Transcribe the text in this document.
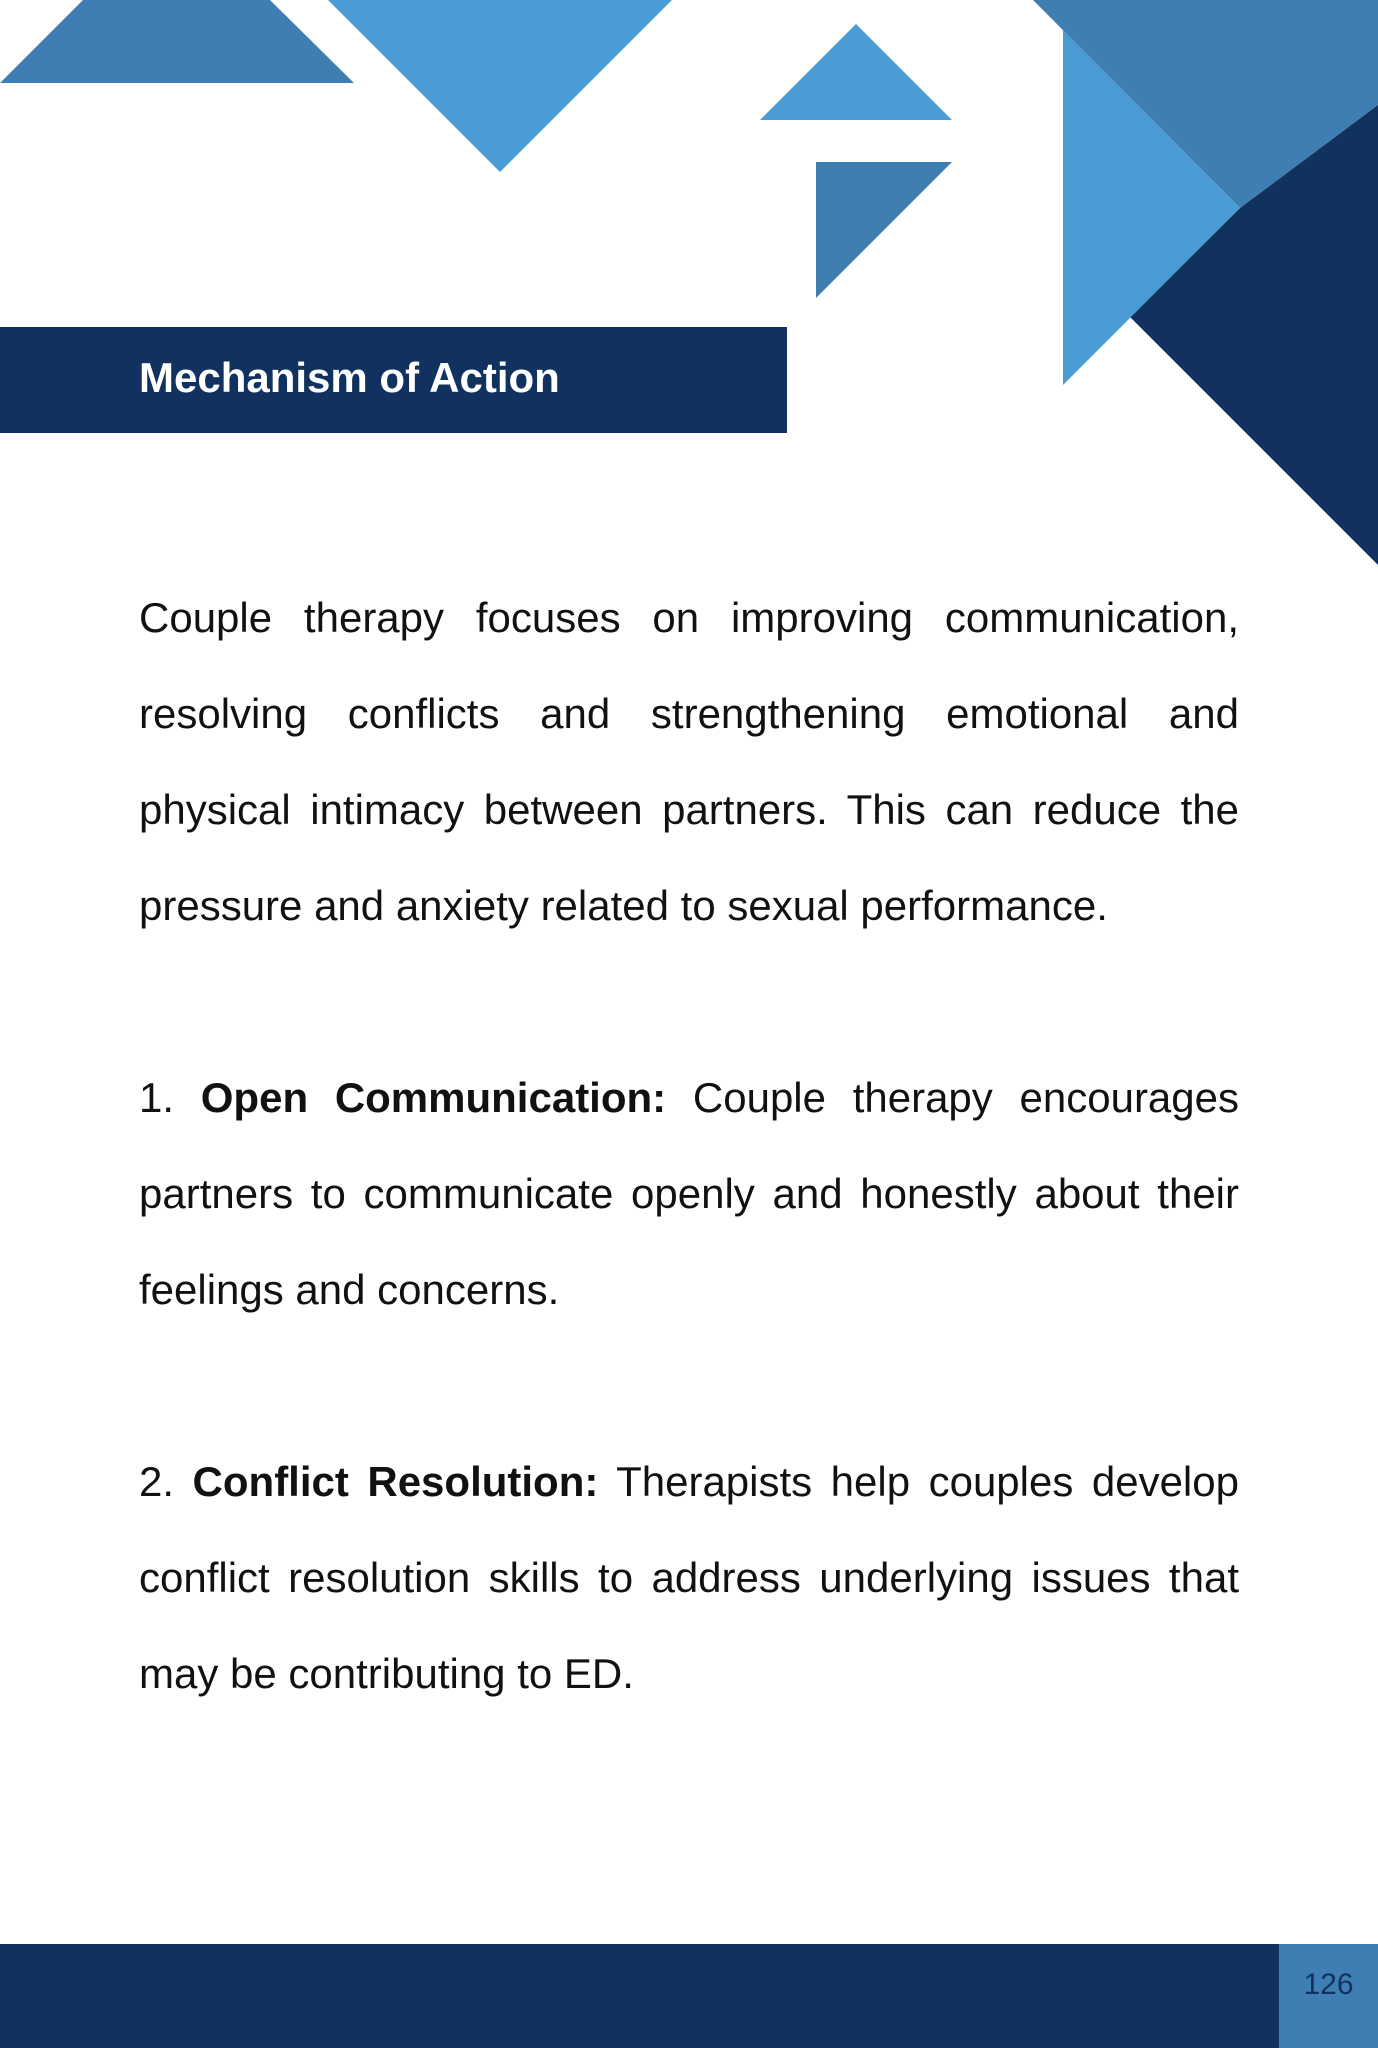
Mechanism of Action

Couple therapy focuses on improving communication, resolving conflicts and strengthening emotional and physical intimacy between partners. This can reduce the pressure and anxiety related to sexual performance.

1. Open Communication: Couple therapy encourages partners to communicate openly and honestly about their feelings and concerns.

2. Conflict Resolution: Therapists help couples develop conflict resolution skills to address underlying issues that may be contributing to ED.

126
